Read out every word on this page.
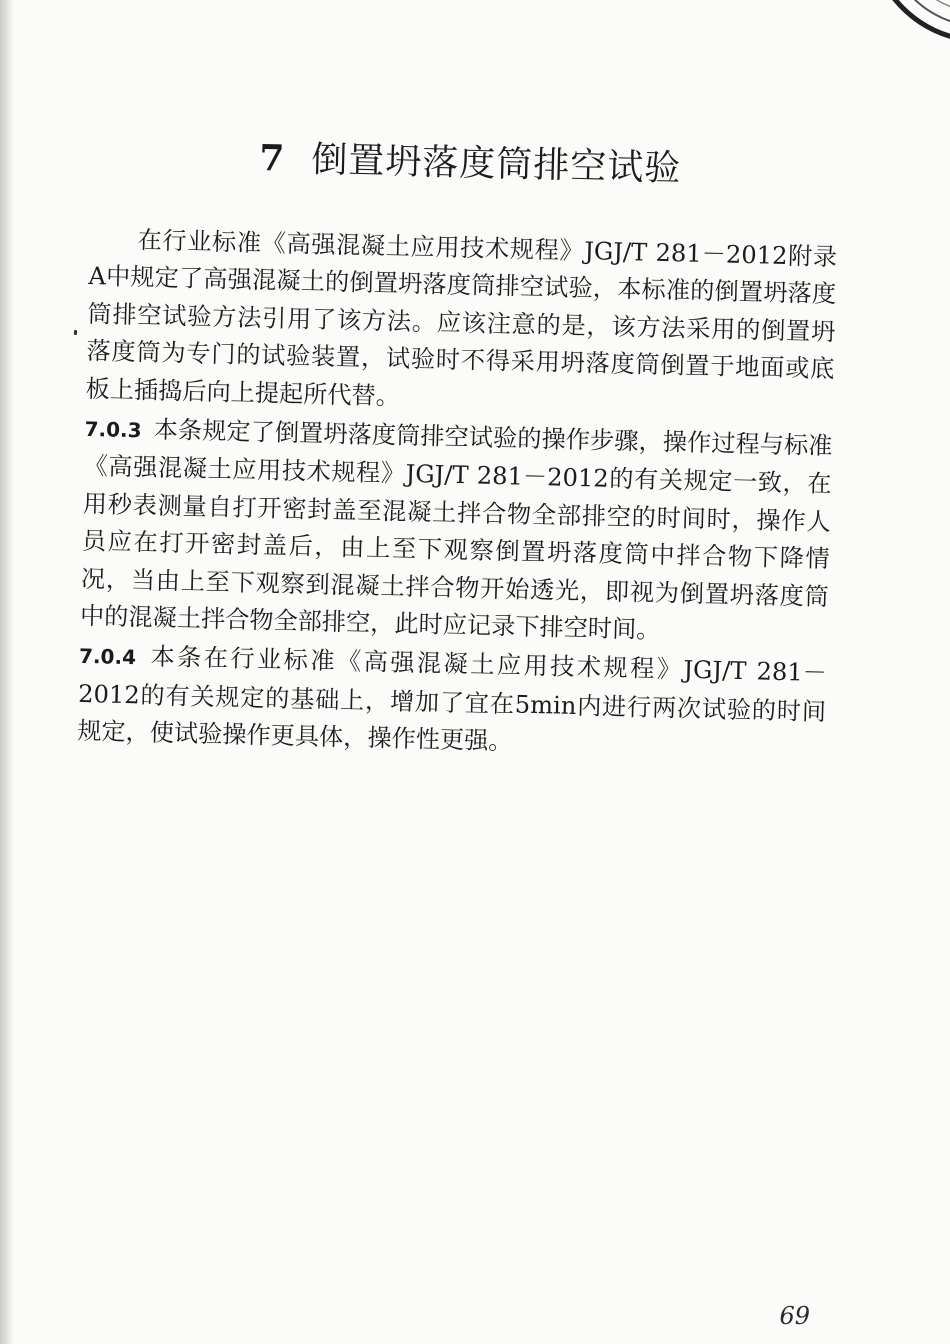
7 倒置坍落度筒排空试验

在行业标准《高强混凝土应用技术规程》JGJ/T 281－2012附录A中规定了高强混凝土的倒置坍落度筒排空试验，本标准的倒置坍落度筒排空试验方法引用了该方法。应该注意的是，该方法采用的倒置坍落度筒为专门的试验装置，试验时不得采用坍落度筒倒置于地面或底板上插捣后向上提起所代替。

7.0.3 本条规定了倒置坍落度筒排空试验的操作步骤，操作过程与标准《高强混凝土应用技术规程》JGJ/T 281－2012的有关规定一致，在用秒表测量自打开密封盖至混凝土拌合物全部排空的时间时，操作人员应在打开密封盖后，由上至下观察倒置坍落度筒中拌合物下降情况，当由上至下观察到混凝土拌合物开始透光，即视为倒置坍落度筒中的混凝土拌合物全部排空，此时应记录下排空时间。

7.0.4 本条在行业标准《高强混凝土应用技术规程》JGJ/T 281－2012的有关规定的基础上，增加了宜在5min内进行两次试验的时间规定，使试验操作更具体，操作性更强。

69
